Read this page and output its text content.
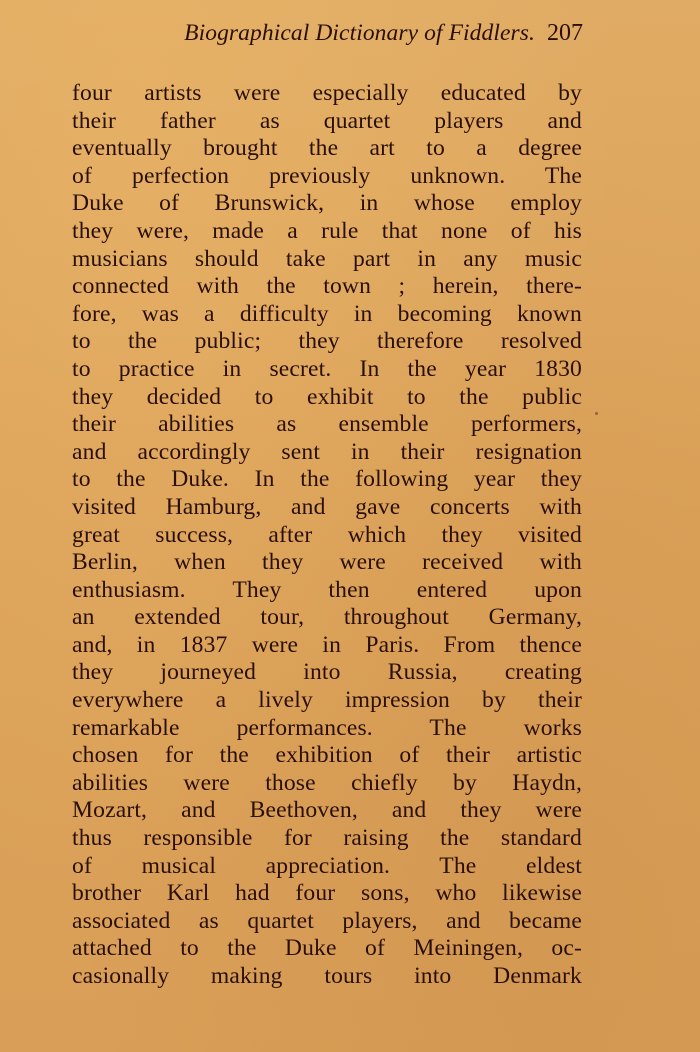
Biographical Dictionary of Fiddlers. 207
four artists were especially educated by
their father as quartet players and
eventually brought the art to a degree
of perfection previously unknown. The
Duke of Brunswick, in whose employ
they were, made a rule that none of his
musicians should take part in any music
connected with the town ; herein, there-
fore, was a difficulty in becoming known
to the public; they therefore resolved
to practice in secret. In the year 1830
they decided to exhibit to the public
their abilities as ensemble performers,
and accordingly sent in their resignation
to the Duke. In the following year they
visited Hamburg, and gave concerts with
great success, after which they visited
Berlin, when they were received with
enthusiasm. They then entered upon
an extended tour, throughout Germany,
and, in 1837 were in Paris. From thence
they journeyed into Russia, creating
everywhere a lively impression by their
remarkable performances. The works
chosen for the exhibition of their artistic
abilities were those chiefly by Haydn,
Mozart, and Beethoven, and they were
thus responsible for raising the standard
of musical appreciation. The eldest
brother Karl had four sons, who likewise
associated as quartet players, and became
attached to the Duke of Meiningen, oc-
casionally making tours into Denmark
